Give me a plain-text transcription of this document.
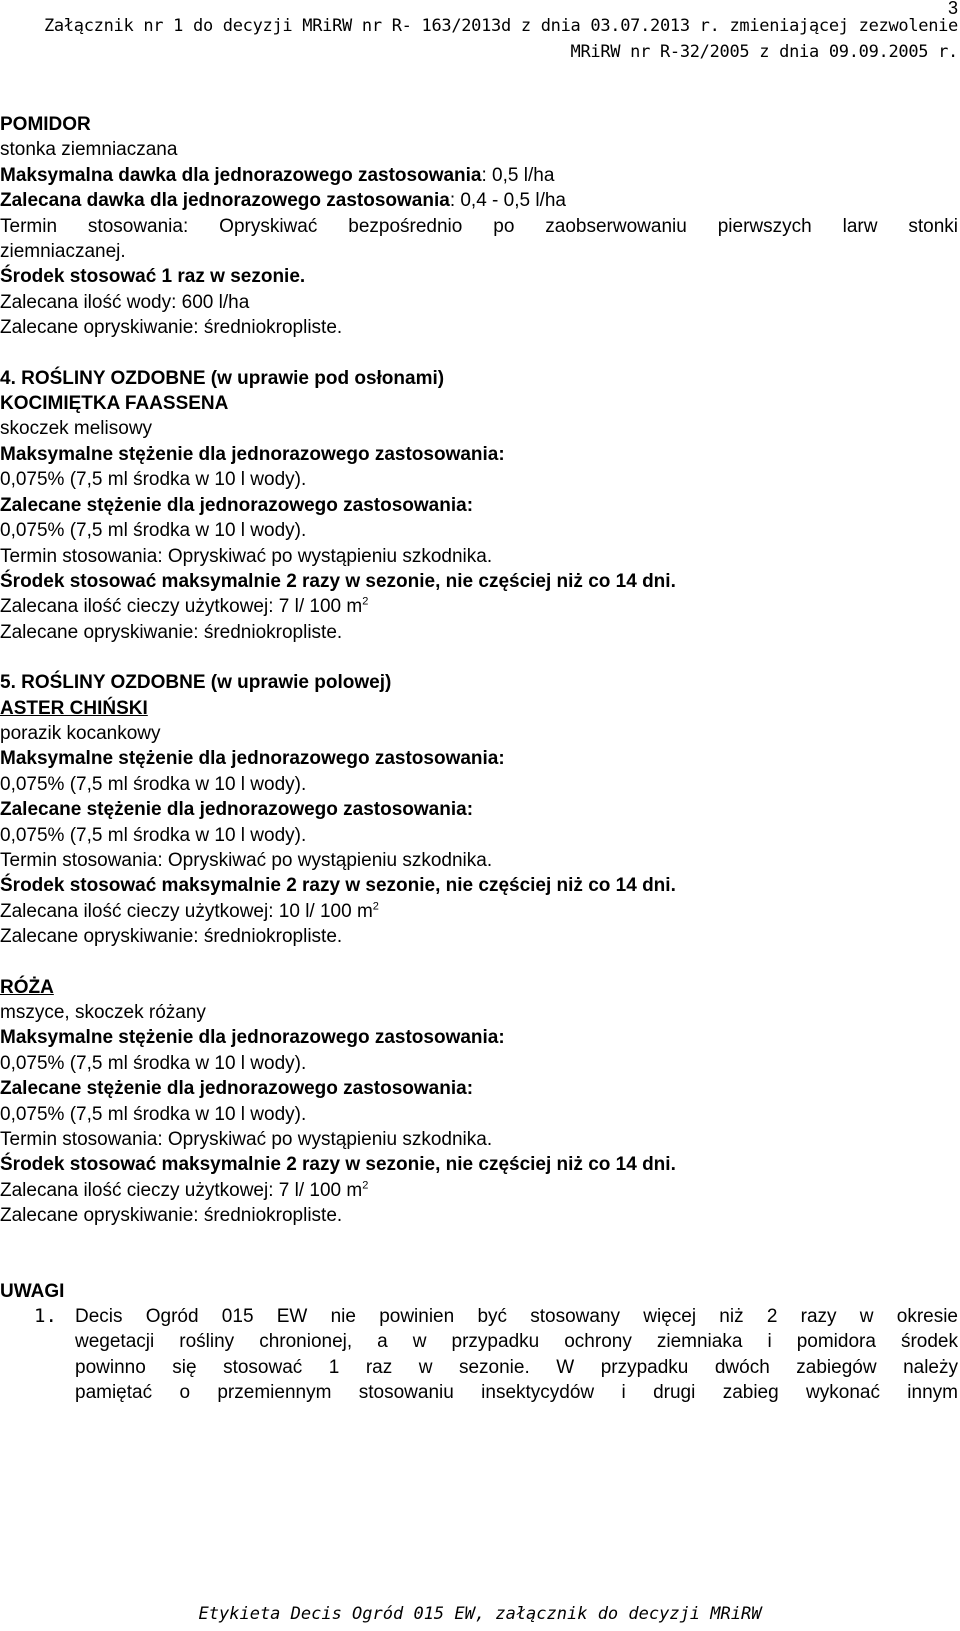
3
Załącznik nr 1 do decyzji MRiRW nr R- 163/2013d z dnia 03.07.2013 r. zmieniającej zezwolenie
MRiRW nr R-32/2005 z dnia 09.09.2005 r.

POMIDOR

stonka ziemniaczana

Maksymalna dawka dla jednorazowego zastosowania: 0,5 l/ha

Zalecana dawka dla jednorazowego zastosowania: 0,4 - 0,5 l/ha

Termin stosowania: Opryskiwać bezpośrednio po zaobserwowaniu pierwszych larw stonki

ziemniaczanej.

Środek stosować 1 raz w sezonie.

Zalecana ilość wody: 600 l/ha

Zalecane opryskiwanie: średniokropliste.

4. ROŚLINY OZDOBNE (w uprawie pod osłonami)

KOCIMIĘTKA FAASSENA

skoczek melisowy

Maksymalne stężenie dla jednorazowego zastosowania:

0,075% (7,5 ml środka w 10 l wody).

Zalecane stężenie dla jednorazowego zastosowania:

0,075% (7,5 ml środka w 10 l wody).

Termin stosowania: Opryskiwać po wystąpieniu szkodnika.

Środek stosować maksymalnie 2 razy w sezonie, nie częściej niż co 14 dni.

Zalecana ilość cieczy użytkowej: 7 l/ 100 $m^2$

Zalecane opryskiwanie: średniokropliste.

5. ROŚLINY OZDOBNE (w uprawie polowej)

ASTER CHIŃSKI

porazik kocankowy

Maksymalne stężenie dla jednorazowego zastosowania:

0,075% (7,5 ml środka w 10 l wody).

Zalecane stężenie dla jednorazowego zastosowania:

0,075% (7,5 ml środka w 10 l wody).

Termin stosowania: Opryskiwać po wystąpieniu szkodnika.

Środek stosować maksymalnie 2 razy w sezonie, nie częściej niż co 14 dni.

Zalecana ilość cieczy użytkowej: 10 l/ 100 $m^2$

Zalecane opryskiwanie: średniokropliste.

RÓŻA

mszyce, skoczek różany

Maksymalne stężenie dla jednorazowego zastosowania:

0,075% (7,5 ml środka w 10 l wody).

Zalecane stężenie dla jednorazowego zastosowania:

0,075% (7,5 ml środka w 10 l wody).

Termin stosowania: Opryskiwać po wystąpieniu szkodnika.

Środek stosować maksymalnie 2 razy w sezonie, nie częściej niż co 14 dni.

Zalecana ilość cieczy użytkowej: 7 l/ 100 $m^2$

Zalecane opryskiwanie: średniokropliste.

UWAGI

1. Decis Ogród 015 EW nie powinien być stosowany więcej niż 2 razy w okresie
wegetacji rośliny chronionej, a w przypadku ochrony ziemniaka i pomidora środek
powinno się stosować 1 raz w sezonie. W przypadku dwóch zabiegów należy
pamiętać o przemiennym stosowaniu insektycydów i drugi zabieg wykonać innym
Etykieta Decis Ogród 015 EW, załącznik do decyzji MRiRW
